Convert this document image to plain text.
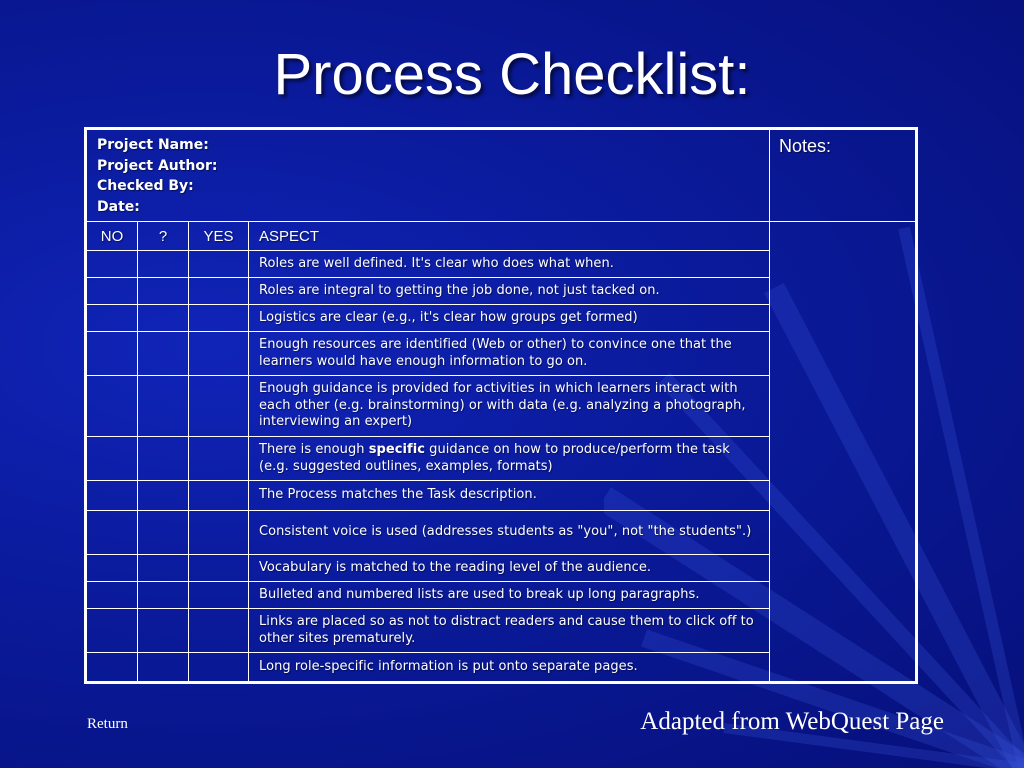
Process Checklist:
Project Name:
Project Author:
Checked By:
Date:				Notes:
NO	?	YES	ASPECT	
			Roles are well defined. It's clear who does what when.	
			Roles are integral to getting the job done, not just tacked on.	
			Logistics are clear (e.g., it's clear how groups get formed)	
			Enough resources are identified (Web or other) to convince one that the learners would have enough information to go on.	
			Enough guidance is provided for activities in which learners interact with each other (e.g. brainstorming) or with data (e.g. analyzing a photograph, interviewing an expert)	
			There is enough specific guidance on how to produce/perform the task (e.g. suggested outlines, examples, formats)	
			The Process matches the Task description.	
			Consistent voice is used (addresses students as "you", not "the students".)	
			Vocabulary is matched to the reading level of the audience.	
			Bulleted and numbered lists are used to break up long paragraphs.	
			Links are placed so as not to distract readers and cause them to click off to other sites prematurely.	
			Long role-specific information is put onto separate pages.	
Return	Adapted from WebQuest Page
